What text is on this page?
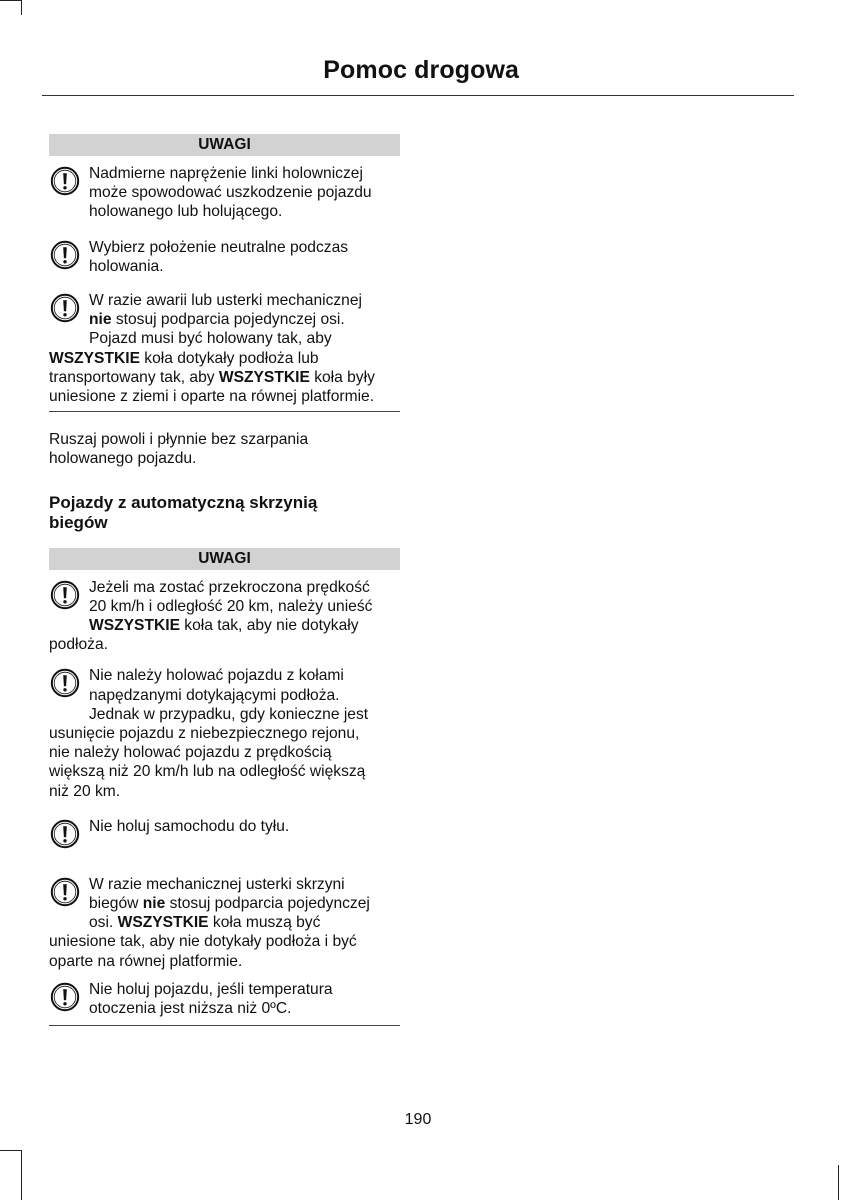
Pomoc drogowa
UWAGI
Nadmierne naprężenie linki holowniczej
może spowodować uszkodzenie pojazdu
holowanego lub holującego.
Wybierz położenie neutralne podczas
holowania.
W razie awarii lub usterki mechanicznej
nie stosuj podparcia pojedynczej osi.
Pojazd musi być holowany tak, aby
WSZYSTKIE koła dotykały podłoża lub
transportowany tak, aby WSZYSTKIE koła były
uniesione z ziemi i oparte na równej platformie.

Ruszaj powoli i płynnie bez szarpania
holowanego pojazdu.

Pojazdy z automatyczną skrzynią
biegów
UWAGI
Jeżeli ma zostać przekroczona prędkość
20 km/h i odległość 20 km, należy unieść
WSZYSTKIE koła tak, aby nie dotykały
podłoża.
Nie należy holować pojazdu z kołami
napędzanymi dotykającymi podłoża.
Jednak w przypadku, gdy konieczne jest
usunięcie pojazdu z niebezpiecznego rejonu,
nie należy holować pojazdu z prędkością
większą niż 20 km/h lub na odległość większą
niż 20 km.
Nie holuj samochodu do tyłu.
W razie mechanicznej usterki skrzyni
biegów nie stosuj podparcia pojedynczej
osi. WSZYSTKIE koła muszą być
uniesione tak, aby nie dotykały podłoża i być
oparte na równej platformie.
Nie holuj pojazdu, jeśli temperatura
otoczenia jest niższa niż 0ºC.
190
